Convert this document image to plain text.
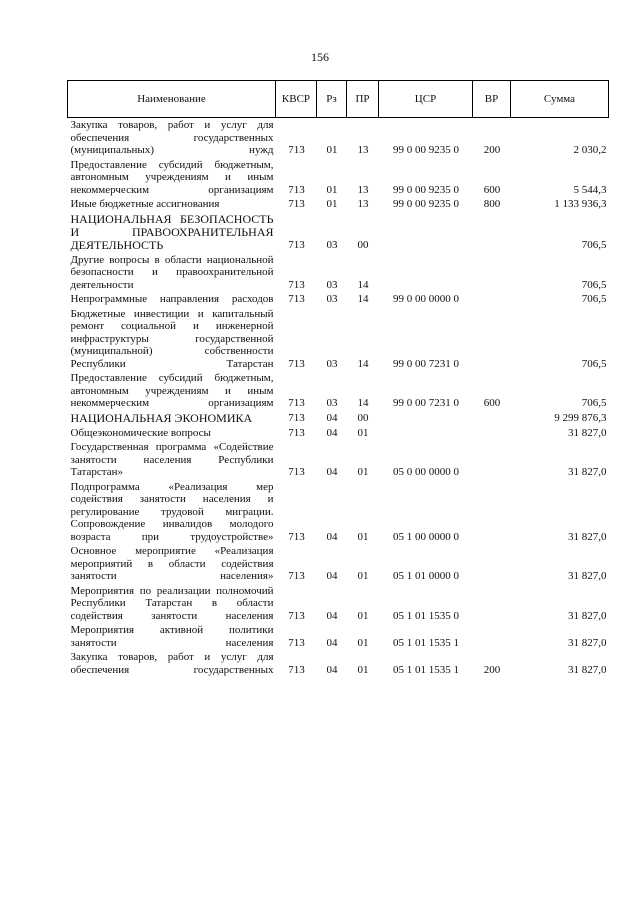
156
Наименование	КВСР	Рз	ПР	ЦСР	ВР	Сумма
Закупка товаров, работ и услуг для обеспечения государственных (муниципальных) нужд	713	01	13	99 0 00 9235 0	200	2 030,2
Предоставление субсидий бюджетным, автономным учреждениям и иным некоммерческим организациям	713	01	13	99 0 00 9235 0	600	5 544,3
Иные бюджетные ассигнования	713	01	13	99 0 00 9235 0	800	1 133 936,3
НАЦИОНАЛЬНАЯ БЕЗОПАСНОСТЬ И ПРАВООХРАНИТЕЛЬНАЯ ДЕЯТЕЛЬНОСТЬ	713	03	00			706,5
Другие вопросы в области национальной безопасности и правоохранительной деятельности	713	03	14			706,5
Непрограммные направления расходов	713	03	14	99 0 00 0000 0		706,5
Бюджетные инвестиции и капитальный ремонт социальной и инженерной инфраструктуры государственной (муниципальной) собственности Республики Татарстан	713	03	14	99 0 00 7231 0		706,5
Предоставление субсидий бюджетным, автономным учреждениям и иным некоммерческим организациям	713	03	14	99 0 00 7231 0	600	706,5
НАЦИОНАЛЬНАЯ ЭКОНОМИКА	713	04	00			9 299 876,3
Общеэкономические вопросы	713	04	01			31 827,0
Государственная программа «Содействие занятости населения Республики Татарстан»	713	04	01	05 0 00 0000 0		31 827,0
Подпрограмма «Реализация мер содействия занятости населения и регулирование трудовой миграции. Сопровождение инвалидов молодого возраста при трудоустройстве»	713	04	01	05 1 00 0000 0		31 827,0
Основное мероприятие «Реализация мероприятий в области содействия занятости населения»	713	04	01	05 1 01 0000 0		31 827,0
Мероприятия по реализации полномочий Республики Татарстан в области содействия занятости населения	713	04	01	05 1 01 1535 0		31 827,0
Мероприятия активной политики занятости населения	713	04	01	05 1 01 1535 1		31 827,0
Закупка товаров, работ и услуг для обеспечения государственных	713	04	01	05 1 01 1535 1	200	31 827,0
